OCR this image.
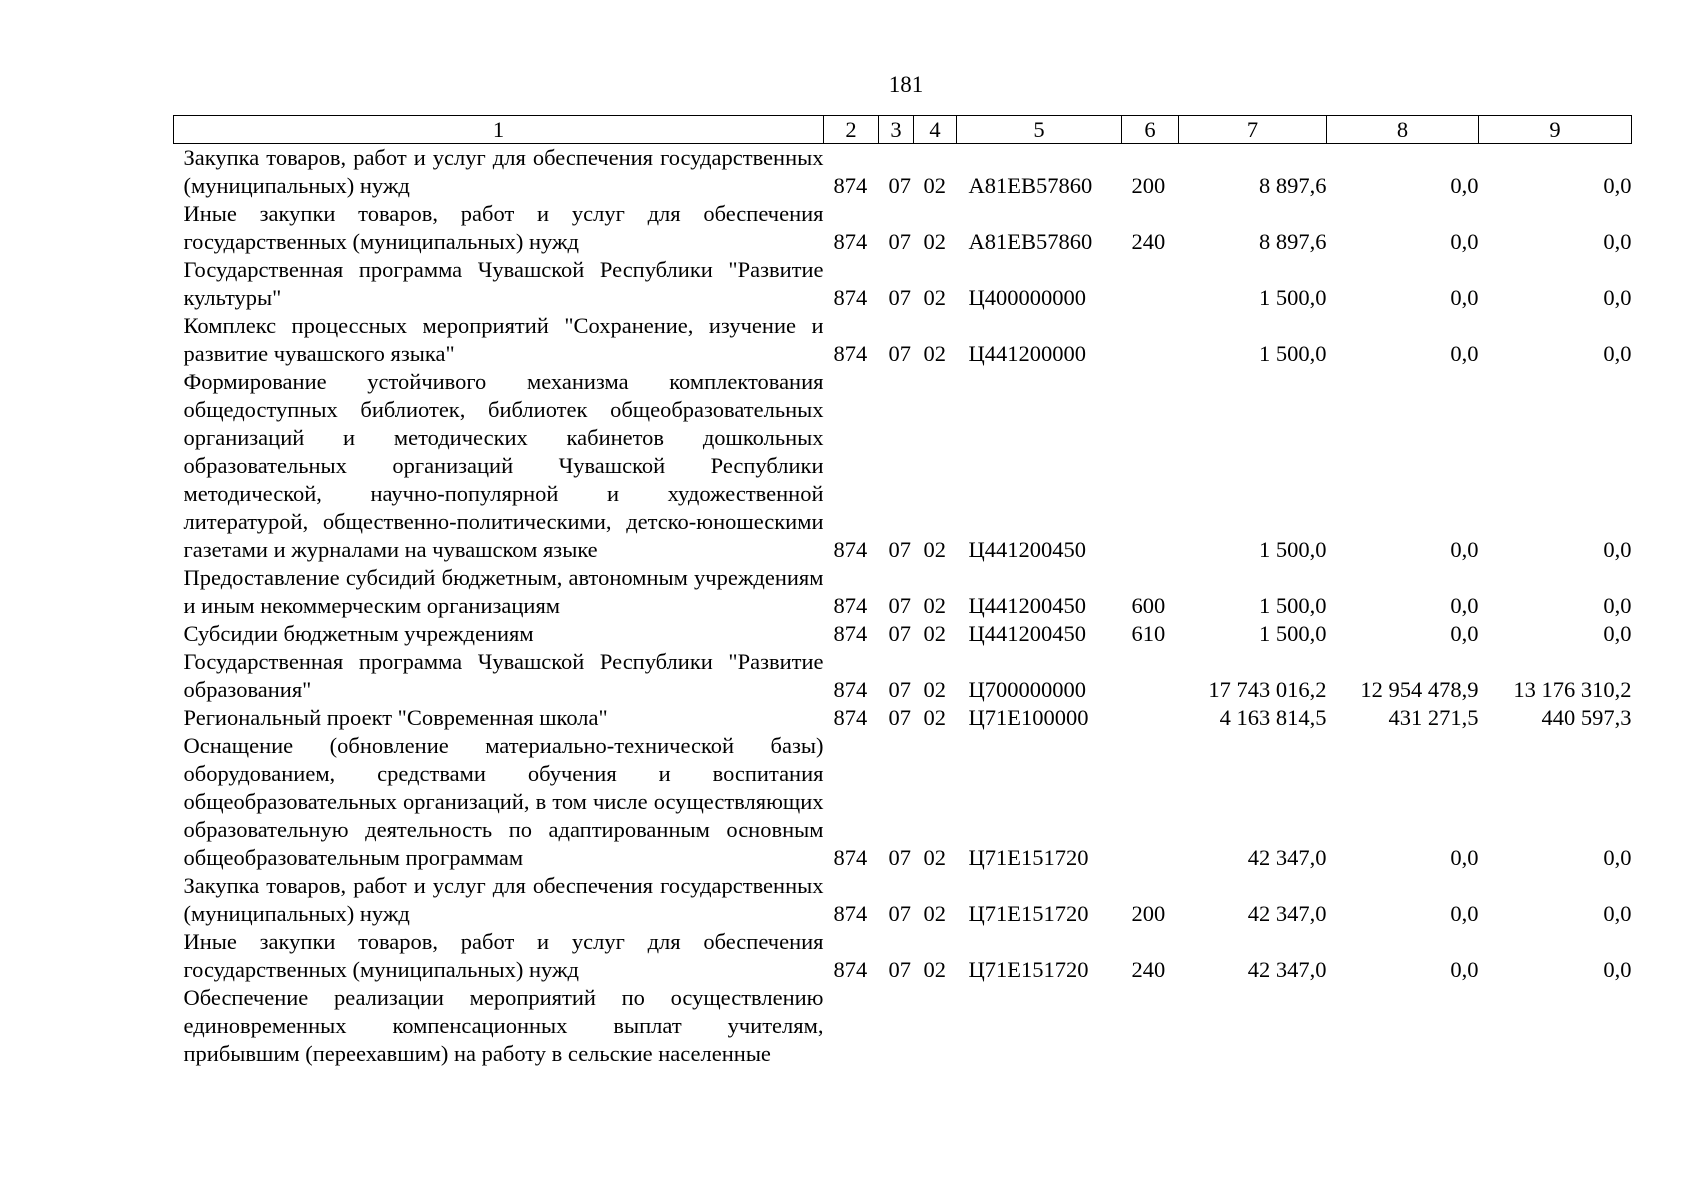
181
1	2	3	4	5	6	7	8	9
Закупка товаров, работ и услуг для обеспечения государственных (муниципальных) нужд	874	07	02	А81ЕВ57860	200	8 897,6	0,0	0,0
Иные закупки товаров, работ и услуг для обеспечения государственных (муниципальных) нужд	874	07	02	А81ЕВ57860	240	8 897,6	0,0	0,0
Государственная программа Чувашской Республики "Развитие культуры"	874	07	02	Ц400000000		1 500,0	0,0	0,0
Комплекс процессных мероприятий "Сохранение, изучение и развитие чувашского языка"	874	07	02	Ц441200000		1 500,0	0,0	0,0
Формирование устойчивого механизма комплектования общедоступных библиотек, библиотек общеобразовательных организаций и методических кабинетов дошкольных образовательных организаций Чувашской Республики методической, научно-популярной и художественной литературой, общественно-политическими, детско-юношескими газетами и журналами на чувашском языке	874	07	02	Ц441200450		1 500,0	0,0	0,0
Предоставление субсидий бюджетным, автономным учреждениям и иным некоммерческим организациям	874	07	02	Ц441200450	600	1 500,0	0,0	0,0
Субсидии бюджетным учреждениям	874	07	02	Ц441200450	610	1 500,0	0,0	0,0
Государственная программа Чувашской Республики "Развитие образования"	874	07	02	Ц700000000		17 743 016,2	12 954 478,9	13 176 310,2
Региональный проект "Современная школа"	874	07	02	Ц71Е100000		4 163 814,5	431 271,5	440 597,3
Оснащение (обновление материально-технической базы) оборудованием, средствами обучения и воспитания общеобразовательных организаций, в том числе осуществляющих образовательную деятельность по адаптированным основным общеобразовательным программам	874	07	02	Ц71Е151720		42 347,0	0,0	0,0
Закупка товаров, работ и услуг для обеспечения государственных (муниципальных) нужд	874	07	02	Ц71Е151720	200	42 347,0	0,0	0,0
Иные закупки товаров, работ и услуг для обеспечения государственных (муниципальных) нужд	874	07	02	Ц71Е151720	240	42 347,0	0,0	0,0
Обеспечение реализации мероприятий по осуществлению единовременных компенсационных выплат учителям, прибывшим (переехавшим) на работу в сельские населенные								
